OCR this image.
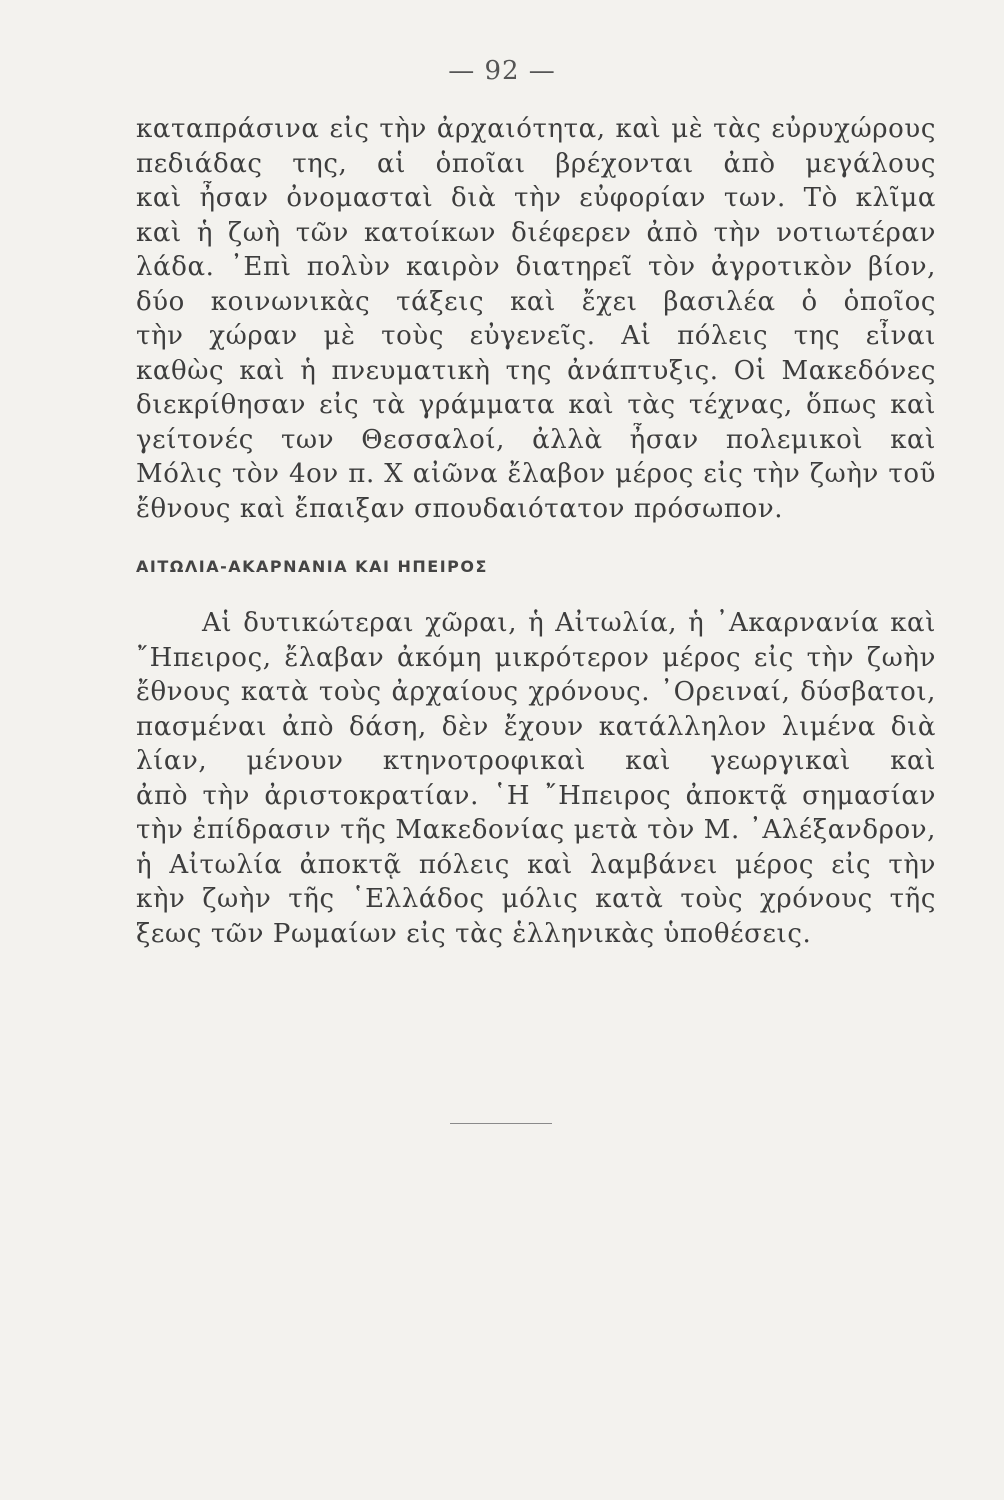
— 92 —
καταπράσινα εἰς τὴν ἀρχαιότητα, καὶ μὲ τὰς εὐρυχώρους
πεδιάδας της, αἱ ὁποῖαι βρέχονται ἀπὸ μεγάλους
καὶ ἦσαν ὀνομασταὶ διὰ τὴν εὐφορίαν των. Τὸ κλῖμα
καὶ ἡ ζωὴ τῶν κατοίκων διέφερεν ἀπὸ τὴν νοτιωτέραν
λάδα. ᾿Επὶ πολὺν καιρὸν διατηρεῖ τὸν ἀγροτικὸν βίον,
δύο κοινωνικὰς τάξεις καὶ ἔχει βασιλέα ὁ ὁποῖος
τὴν χώραν μὲ τοὺς εὐγενεῖς. Αἱ πόλεις της εἶναι
καθὼς καὶ ἡ πνευματικὴ της ἀνάπτυξις. Οἱ Μακεδόνες
διεκρίθησαν εἰς τὰ γράμματα καὶ τὰς τέχνας, ὅπως καὶ
γείτονές των Θεσσαλοί, ἀλλὰ ἦσαν πολεμικοὶ καὶ
Μόλις τὸν 4ον π. Χ αἰῶνα ἔλαβον μέρος εἰς τὴν ζωὴν τοῦ
ἔθνους καὶ ἔπαιξαν σπουδαιότατον πρόσωπον.
ΑΙΤΩΛΙΑ-ΑΚΑΡΝΑΝΙΑ ΚΑΙ ΗΠΕΙΡΟΣ
Αἱ δυτικώτεραι χῶραι, ἡ Αἰτωλία, ἡ ᾿Ακαρνανία καὶ
῎Ηπειρος, ἔλαβαν ἀκόμη μικρότερον μέρος εἰς τὴν ζωὴν
ἔθνους κατὰ τοὺς ἀρχαίους χρόνους. ᾿Ορειναί, δύσβατοι,
πασμέναι ἀπὸ δάση, δὲν ἔχουν κατάλληλον λιμένα διὰ
λίαν, μένουν κτηνοτροφικαὶ καὶ γεωργικαὶ καὶ
ἀπὸ τὴν ἀριστοκρατίαν. ῾Η ῎Ηπειρος ἀποκτᾷ σημασίαν
τὴν ἐπίδρασιν τῆς Μακεδονίας μετὰ τὸν Μ. ᾿Αλέξανδρον,
ἡ Αἰτωλία ἀποκτᾷ πόλεις καὶ λαμβάνει μέρος εἰς τὴν
κὴν ζωὴν τῆς ῾Ελλάδος μόλις κατὰ τοὺς χρόνους τῆς
ξεως τῶν Ρωμαίων εἰς τὰς ἑλληνικὰς ὑποθέσεις.
